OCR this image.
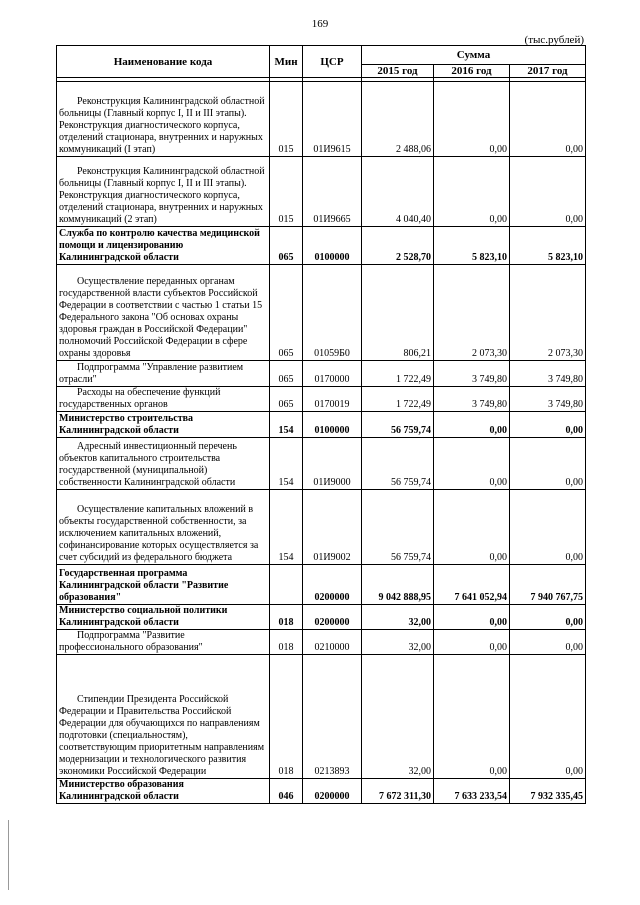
169
(тыс.рублей)
Наименование кода	Мин	ЦСР	Сумма		
			2015 год	2016 год	2017 год

Реконструкция Калининградской областной больницы (Главный корпус I, II и III этапы). Реконструкция диагностического корпуса, отделений стационара, внутренних и наружных коммуникаций (I этап)	015	01И9615	2 488,06	0,00	0,00
Реконструкция Калининградской областной больницы (Главный корпус I, II и III этапы). Реконструкция диагностического корпуса, отделений стационара, внутренних и наружных коммуникаций (2 этап)	015	01И9665	4 040,40	0,00	0,00
Служба по контролю качества медицинской помощи и лицензированию Калининградской области	065	0100000	2 528,70	5 823,10	5 823,10
Осуществление переданных органам государственной власти субъектов Российской Федерации в соответствии с частью 1 статьи 15 Федерального закона "Об основах охраны здоровья граждан в Российской Федерации" полномочий Российской Федерации в сфере охраны здоровья	065	01059Б0	806,21	2 073,30	2 073,30
Подпрограмма "Управление развитием отрасли"	065	0170000	1 722,49	3 749,80	3 749,80
Расходы на обеспечение функций государственных органов	065	0170019	1 722,49	3 749,80	3 749,80
Министерство строительства Калининградской области	154	0100000	56 759,74	0,00	0,00
Адресный инвестиционный перечень объектов капитального строительства государственной (муниципальной) собственности Калининградской области	154	01И9000	56 759,74	0,00	0,00
Осуществление капитальных вложений в объекты государственной собственности, за исключением капитальных вложений, софинансирование которых осуществляется за счет субсидий из федерального бюджета	154	01И9002	56 759,74	0,00	0,00
Государственная программа Калининградской области "Развитие образования"		0200000	9 042 888,95	7 641 052,94	7 940 767,75
Министерство социальной политики Калининградской области	018	0200000	32,00	0,00	0,00
Подпрограмма "Развитие профессионального образования"	018	0210000	32,00	0,00	0,00
Стипендии Президента Российской Федерации и Правительства Российской Федерации для обучающихся по направлениям подготовки (специальностям), соответствующим приоритетным направлениям модернизации и технологического развития экономики Российской Федерации	018	0213893	32,00	0,00	0,00
Министерство образования Калининградской области	046	0200000	7 672 311,30	7 633 233,54	7 932 335,45
